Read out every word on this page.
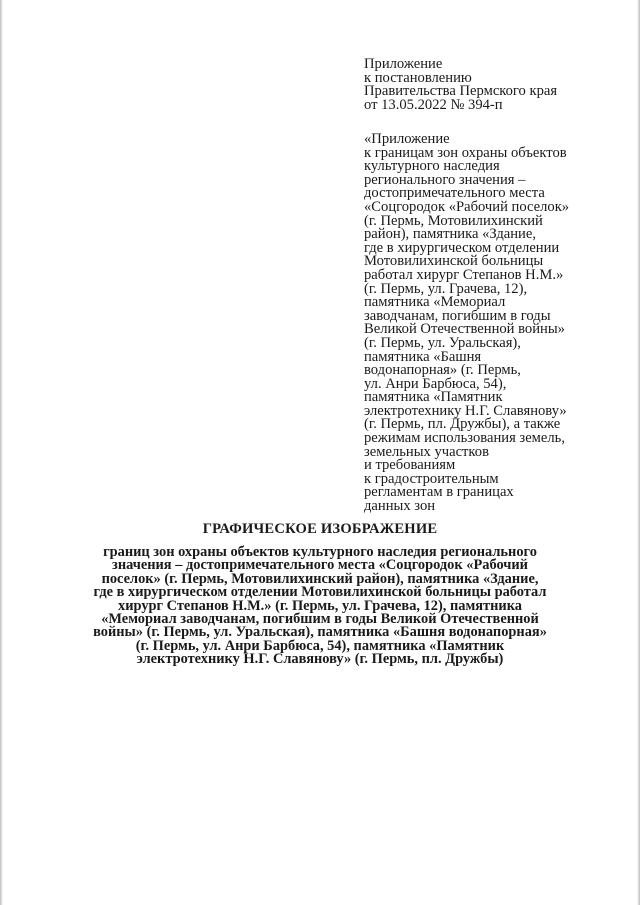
Приложение
к постановлению
Правительства Пермского края
от 13.05.2022 № 394-п
«Приложение
к границам зон охраны объектов
культурного наследия
регионального значения –
достопримечательного места
«Соцгородок «Рабочий поселок»
(г. Пермь, Мотовилихинский
район), памятника «Здание,
где в хирургическом отделении
Мотовилихинской больницы
работал хирург Степанов Н.М.»
(г. Пермь, ул. Грачева, 12),
памятника «Мемориал
заводчанам, погибшим в годы
Великой Отечественной войны»
(г. Пермь, ул. Уральская),
памятника «Башня
водонапорная» (г. Пермь,
ул. Анри Барбюса, 54),
памятника «Памятник
электротехнику Н.Г. Славянову»
(г. Пермь, пл. Дружбы), а также
режимам использования земель,
земельных участков
и требованиям
к градостроительным
регламентам в границах
данных зон
ГРАФИЧЕСКОЕ ИЗОБРАЖЕНИЕ
границ зон охраны объектов культурного наследия регионального
значения – достопримечательного места «Соцгородок «Рабочий
поселок» (г. Пермь, Мотовилихинский район), памятника «Здание,
где в хирургическом отделении Мотовилихинской больницы работал
хирург Степанов Н.М.» (г. Пермь, ул. Грачева, 12), памятника
«Мемориал заводчанам, погибшим в годы Великой Отечественной
войны» (г. Пермь, ул. Уральская), памятника «Башня водонапорная»
(г. Пермь, ул. Анри Барбюса, 54), памятника «Памятник
электротехнику Н.Г. Славянову» (г. Пермь, пл. Дружбы)
